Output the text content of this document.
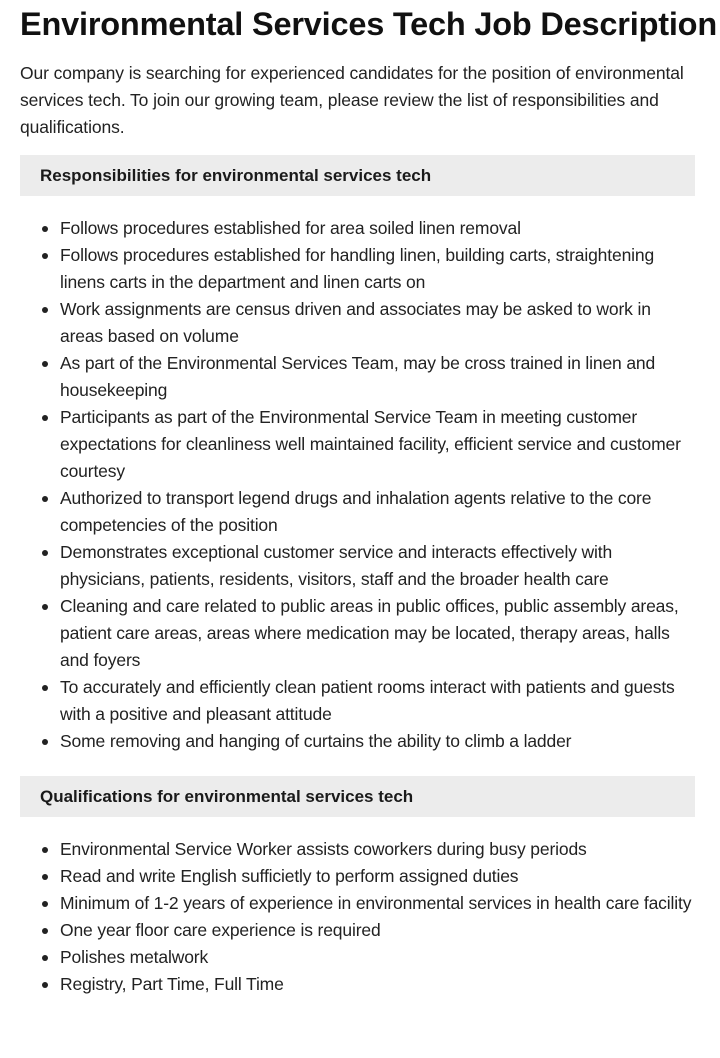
Environmental Services Tech Job Description

Our company is searching for experienced candidates for the position of environmental services tech. To join our growing team, please review the list of responsibilities and qualifications.

Responsibilities for environmental services tech
Follows procedures established for area soiled linen removal
Follows procedures established for handling linen, building carts, straightening linens carts in the department and linen carts on
Work assignments are census driven and associates may be asked to work in areas based on volume
As part of the Environmental Services Team, may be cross trained in linen and housekeeping
Participants as part of the Environmental Service Team in meeting customer expectations for cleanliness well maintained facility, efficient service and customer courtesy
Authorized to transport legend drugs and inhalation agents relative to the core competencies of the position
Demonstrates exceptional customer service and interacts effectively with physicians, patients, residents, visitors, staff and the broader health care
Cleaning and care related to public areas in public offices, public assembly areas, patient care areas, areas where medication may be located, therapy areas, halls and foyers
To accurately and efficiently clean patient rooms interact with patients and guests with a positive and pleasant attitude
Some removing and hanging of curtains the ability to climb a ladder
Qualifications for environmental services tech
Environmental Service Worker assists coworkers during busy periods
Read and write English sufficietly to perform assigned duties
Minimum of 1-2 years of experience in environmental services in health care facility
One year floor care experience is required
Polishes metalwork
Registry, Part Time, Full Time
